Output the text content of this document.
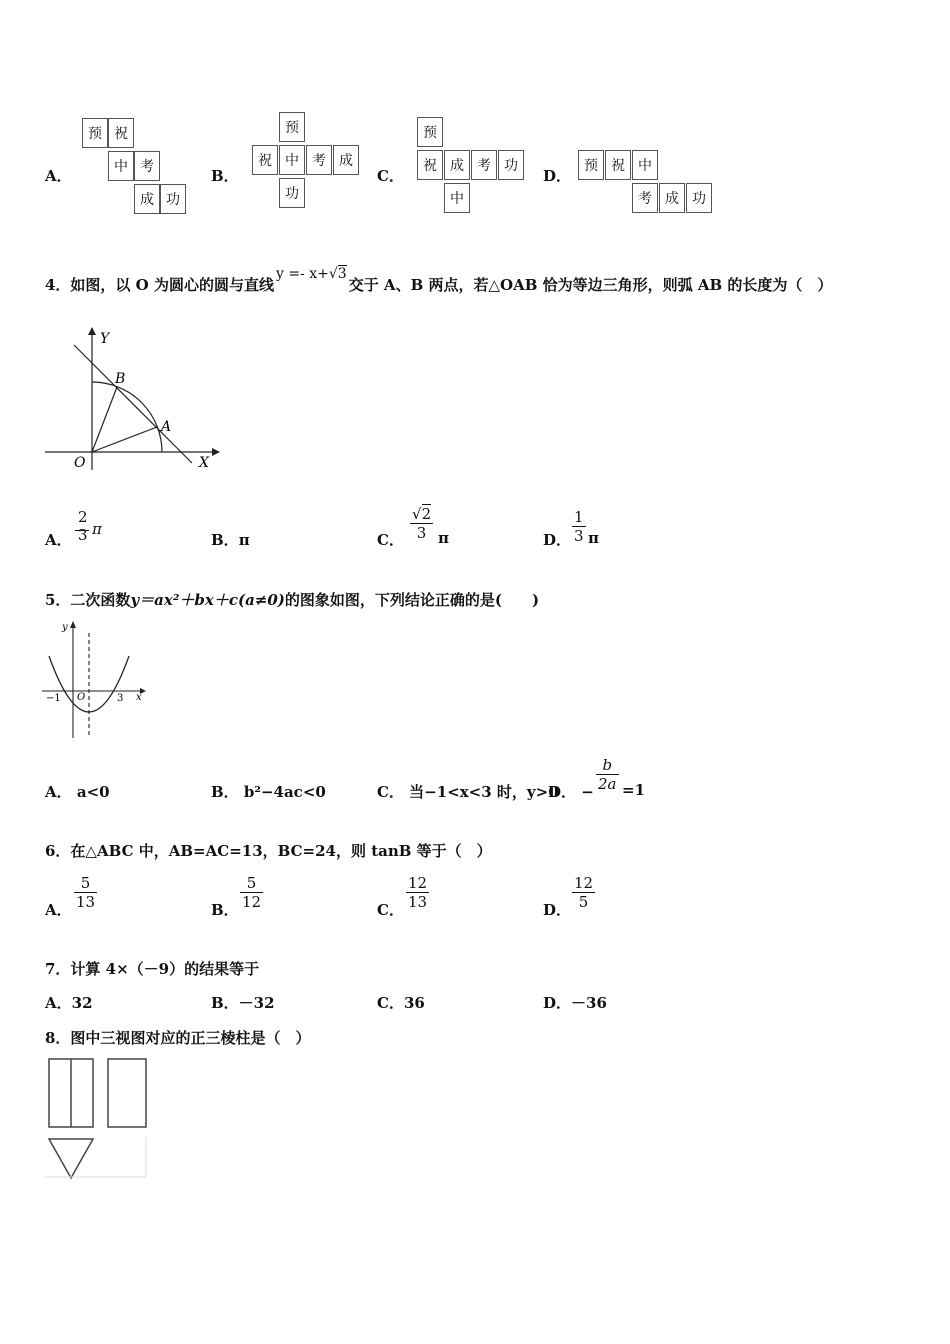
A．
预 祝
中 考
成 功
B．
预
祝 中 考 成
功
C．
预
祝 成 考 功
中
D．
预 祝 中
考 成 功
4．如图，以 O 为圆心的圆与直线y =- x+√3交于 A、B 两点，若△OAB 恰为等边三角形，则弧 AB 的长度为（　）
Y
X
O
B
A
A．
2
3 π
B．π	C． $\frac{√2}{3}$ π	D． $\frac{1}{3}$ π
5．二次函数y＝ax²＋bx＋c(a≠0)的图象如图，下列结论正确的是(　　)
y
x
O
−1	3
A． a<0	B． b²−4ac<0	C． 当−1<x<3 时，y>0
D． − $\frac{b}{2a} =1$
6．在△ABC 中，AB=AC=13，BC=24，则 tanB 等于（　）
A． $\frac{5}{13}$	B． $\frac{5}{12}$	C． $\frac{12}{13}$	D． $\frac{12}{5}$
7．计算 4×（－9）的结果等于
A．32	B．－32	C．36	D．－36
8．图中三视图对应的正三棱柱是（　）
